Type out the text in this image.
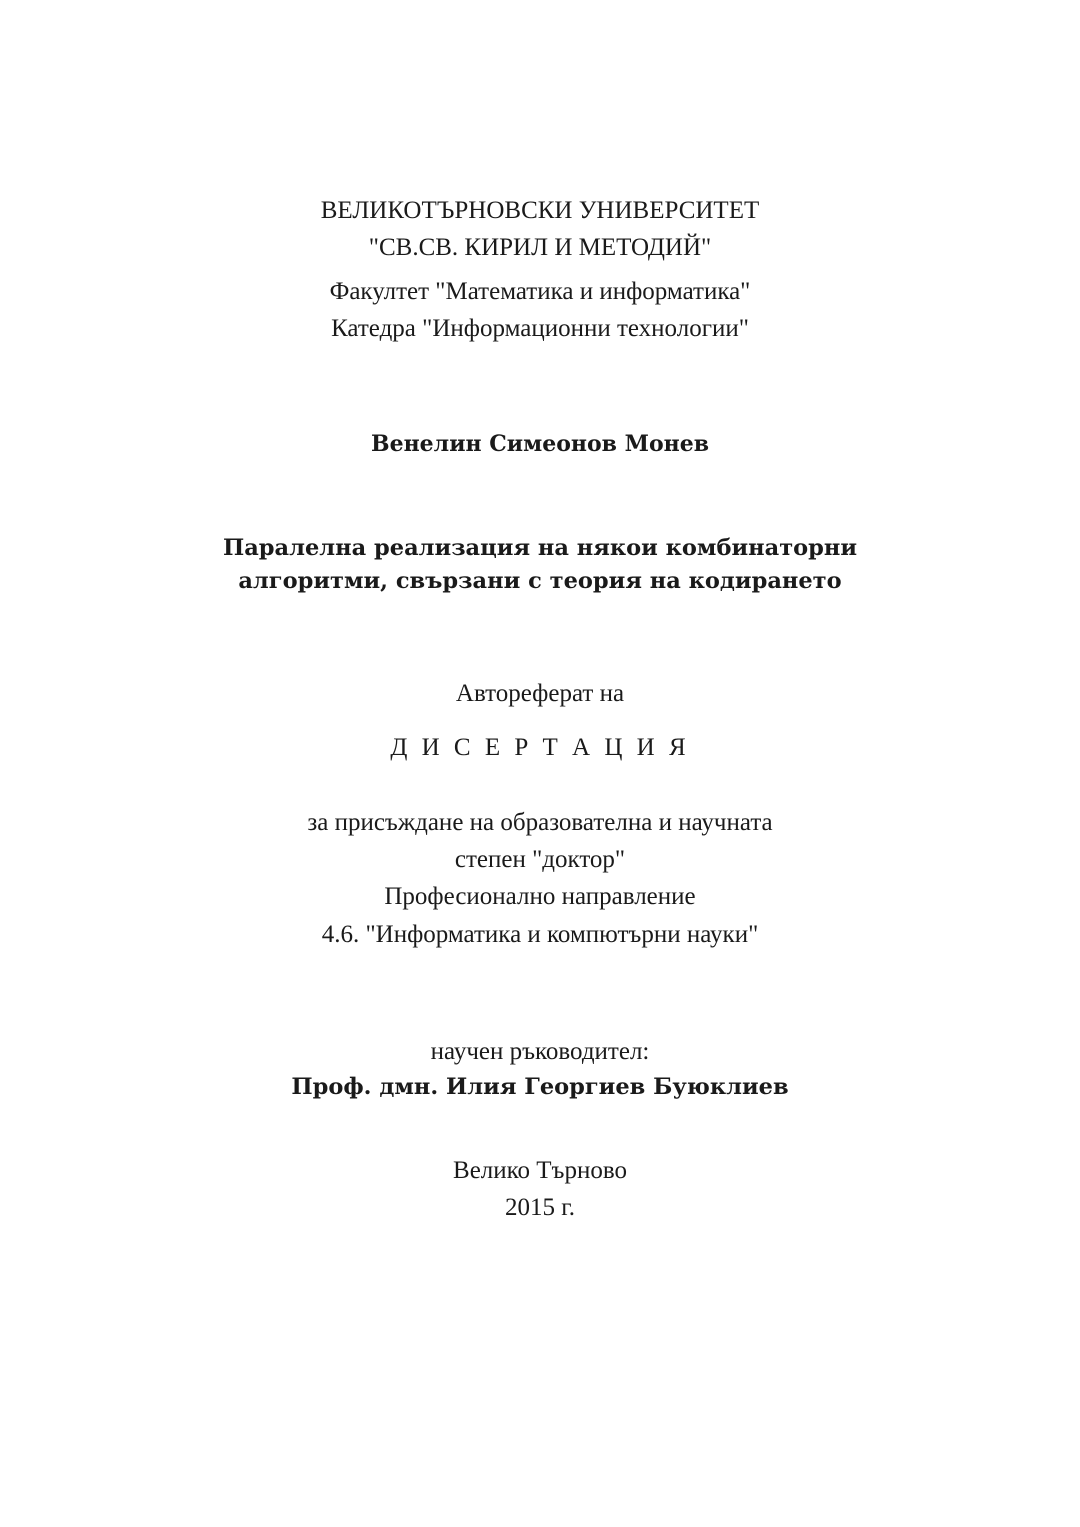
ВЕЛИКОТЪРНОВСКИ УНИВЕРСИТЕТ
"СВ.СВ. КИРИЛ И МЕТОДИЙ"
Факултет "Математика и информатика"
Катедра "Информационни технологии"
Венелин Симеонов Монев
Паралелна реализация на някои комбинаторни
алгоритми, свързани с теория на кодирането
Автореферат на
Д И С Е Р Т А Ц И Я
за присъждане на образователна и научната
степен "доктор"
Професионално направление
4.6. "Информатика и компютърни науки"
научен ръководител:
Проф. дмн. Илия Георгиев Буюклиев
Велико Търново
2015 г.
